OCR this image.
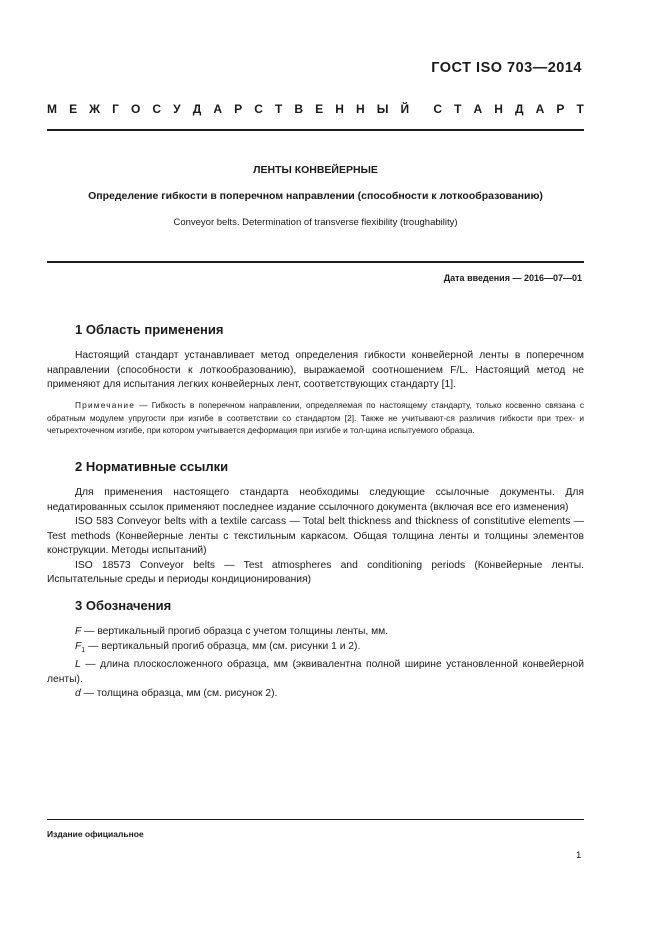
ГОСТ ISO 703—2014
М Е Ж Г О С У Д А Р С Т В Е Н Н Ы Й С Т А Н Д А Р Т
ЛЕНТЫ КОНВЕЙЕРНЫЕ
Определение гибкости в поперечном направлении (способности к лоткообразованию)
Conveyor belts. Determination of transverse flexibility (troughability)
Дата введения — 2016—07—01
1 Область применения

Настоящий стандарт устанавливает метод определения гибкости конвейерной ленты в поперечном направлении (способности к лоткообразованию), выражаемой соотношением F/L. Настоящий метод не применяют для испытания легких конвейерных лент, соответствующих стандарту [1].

Примечание — Гибкость в поперечном направлении, определяемая по настоящему стандарту, только косвенно связана с обратным модулем упругости при изгибе в соответствии со стандартом [2]. Также не учитывают-ся различия гибкости при трех- и четырехточечном изгибе, при котором учитывается деформация при изгибе и тол-щина испытуемого образца.

2 Нормативные ссылки

Для применения настоящего стандарта необходимы следующие ссылочные документы. Для недатированных ссылок применяют последнее издание ссылочного документа (включая все его изменения)

ISO 583 Conveyor belts with a textile carcass — Total belt thickness and thickness of constitutive elements — Test methods (Конвейерные ленты с текстильным каркасом. Общая толщина ленты и толщины элементов конструкции. Методы испытаний)

ISO 18573 Conveyor belts — Test atmospheres and conditioning periods (Конвейерные ленты. Испытательные среды и периоды кондиционирования)

3 Обозначения

F — вертикальный прогиб образца с учетом толщины ленты, мм.

$F_1$ — вертикальный прогиб образца, мм (см. рисунки 1 и 2).

L — длина плоскосложенного образца, мм (эквивалентна полной ширине установленной конвейерной ленты).

d — толщина образца, мм (см. рисунок 2).

Издание официальное
1
